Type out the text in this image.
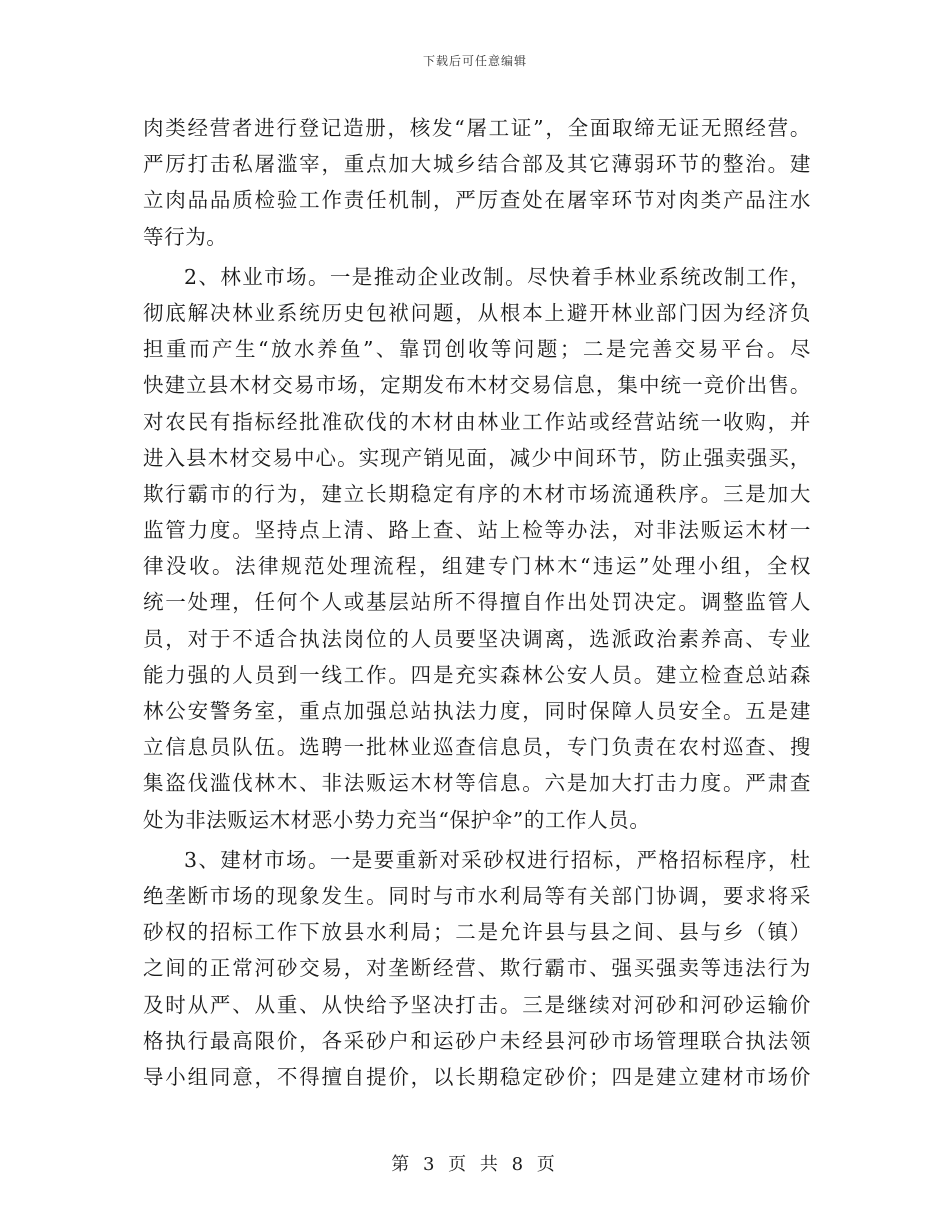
下载后可任意编辑
肉类经营者进行登记造册，核发“屠工证”，全面取缔无证无照经营。
严厉打击私屠滥宰，重点加大城乡结合部及其它薄弱环节的整治。建
立肉品品质检验工作责任机制，严厉查处在屠宰环节对肉类产品注水
等行为。
2、林业市场。一是推动企业改制。尽快着手林业系统改制工作，
彻底解决林业系统历史包袱问题，从根本上避开林业部门因为经济负
担重而产生“放水养鱼”、靠罚创收等问题；二是完善交易平台。尽
快建立县木材交易市场，定期发布木材交易信息，集中统一竞价出售。
对农民有指标经批准砍伐的木材由林业工作站或经营站统一收购，并
进入县木材交易中心。实现产销见面，减少中间环节，防止强卖强买，
欺行霸市的行为，建立长期稳定有序的木材市场流通秩序。三是加大
监管力度。坚持点上清、路上查、站上检等办法，对非法贩运木材一
律没收。法律规范处理流程，组建专门林木“违运”处理小组，全权
统一处理，任何个人或基层站所不得擅自作出处罚决定。调整监管人
员，对于不适合执法岗位的人员要坚决调离，选派政治素养高、专业
能力强的人员到一线工作。四是充实森林公安人员。建立检查总站森
林公安警务室，重点加强总站执法力度，同时保障人员安全。五是建
立信息员队伍。选聘一批林业巡查信息员，专门负责在农村巡查、搜
集盗伐滥伐林木、非法贩运木材等信息。六是加大打击力度。严肃查
处为非法贩运木材恶小势力充当“保护伞”的工作人员。
3、建材市场。一是要重新对采砂权进行招标，严格招标程序，杜
绝垄断市场的现象发生。同时与市水利局等有关部门协调，要求将采
砂权的招标工作下放县水利局；二是允许县与县之间、县与乡（镇）
之间的正常河砂交易，对垄断经营、欺行霸市、强买强卖等违法行为
及时从严、从重、从快给予坚决打击。三是继续对河砂和河砂运输价
格执行最高限价，各采砂户和运砂户未经县河砂市场管理联合执法领
导小组同意，不得擅自提价，以长期稳定砂价；四是建立建材市场价
第 3 页 共 8 页
